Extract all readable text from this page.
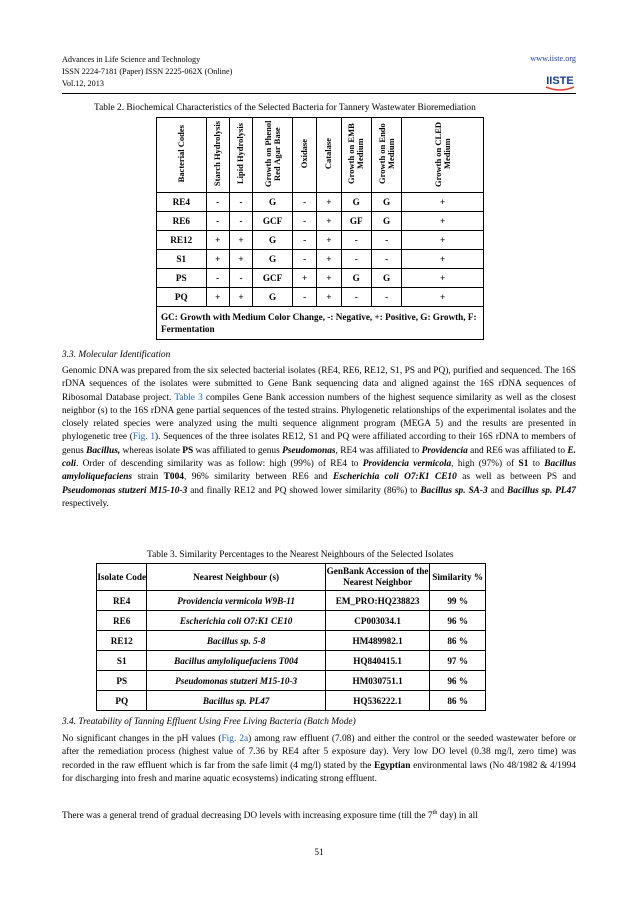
Advances in Life Science and Technology
ISSN 2224-7181 (Paper) ISSN 2225-062X (Online)
Vol.12, 2013
www.iiste.org
IISTE
Table 2. Biochemical Characteristics of the Selected Bacteria for Tannery Wastewater Bioremediation
Bacterial Codes	Starch Hydrolysis	Lipid Hydrolysis	Growth on Phenol Red Agar Base	Oxidase	Catalase	Growth on EMB Medium	Growth on Endo Medium	Growth on CLED Medium
RE4	-	-	G	-	+	G	G	+
RE6	-	-	GCF	-	+	GF	G	+
RE12	+	+	G	-	+	-	-	+
S1	+	+	G	-	+	-	-	+
PS	-	-	GCF	+	+	G	G	+
PQ	+	+	G	-	+	-	-	+
GC: Growth with Medium Color Change, -: Negative, +: Positive, G: Growth, F: Fermentation								
3.3. Molecular Identification

Genomic DNA was prepared from the six selected bacterial isolates (RE4, RE6, RE12, S1, PS and PQ), purified and sequenced. The 16S rDNA sequences of the isolates were submitted to Gene Bank sequencing data and aligned against the 16S rDNA sequences of Ribosomal Database project. Table 3 compiles Gene Bank accession numbers of the highest sequence similarity as well as the closest neighbor (s) to the 16S rDNA gene partial sequences of the tested strains. Phylogenetic relationships of the experimental isolates and the closely related species were analyzed using the multi sequence alignment program (MEGA 5) and the results are presented in phylogenetic tree (Fig. 1). Sequences of the three isolates RE12, S1 and PQ were affiliated according to their 16S rDNA to members of genus Bacillus, whereas isolate PS was affiliated to genus Pseudomonas, RE4 was affiliated to Providencia and RE6 was affiliated to E. coli. Order of descending similarity was as follow: high (99%) of RE4 to Providencia vermicola, high (97%) of S1 to Bacillus amyloliquefaciens strain T004, 96% similarity between RE6 and Escherichia coli O7:K1 CE10 as well as between PS and Pseudomonas stutzeri M15-10-3 and finally RE12 and PQ showed lower similarity (86%) to Bacillus sp. SA-3 and Bacillus sp. PL47 respectively.

Table 3. Similarity Percentages to the Nearest Neighbours of the Selected Isolates
Isolate Code	Nearest Neighbour (s)	GenBank Accession of the Nearest Neighbor	Similarity %
RE4	Providencia vermicola W9B-11	EM_PRO:HQ238823	99 %
RE6	Escherichia coli O7:K1 CE10	CP003034.1	96 %
RE12	Bacillus sp. 5-8	HM489982.1	86 %
S1	Bacillus amyloliquefaciens T004	HQ840415.1	97 %
PS	Pseudomonas stutzeri M15-10-3	HM030751.1	96 %
PQ	Bacillus sp. PL47	HQ536222.1	86 %
3.4. Treatability of Tanning Effluent Using Free Living Bacteria (Batch Mode)

No significant changes in the pH values (Fig. 2a) among raw effluent (7.08) and either the control or the seeded wastewater before or after the remediation process (highest value of 7.36 by RE4 after 5 exposure day). Very low DO level (0.38 mg/l, zero time) was recorded in the raw effluent which is far from the safe limit (4 mg/l) stated by the Egyptian environmental laws (No 48/1982 & 4/1994 for discharging into fresh and marine aquatic ecosystems) indicating strong effluent.

There was a general trend of gradual decreasing DO levels with increasing exposure time (till the 7th day) in all

51
